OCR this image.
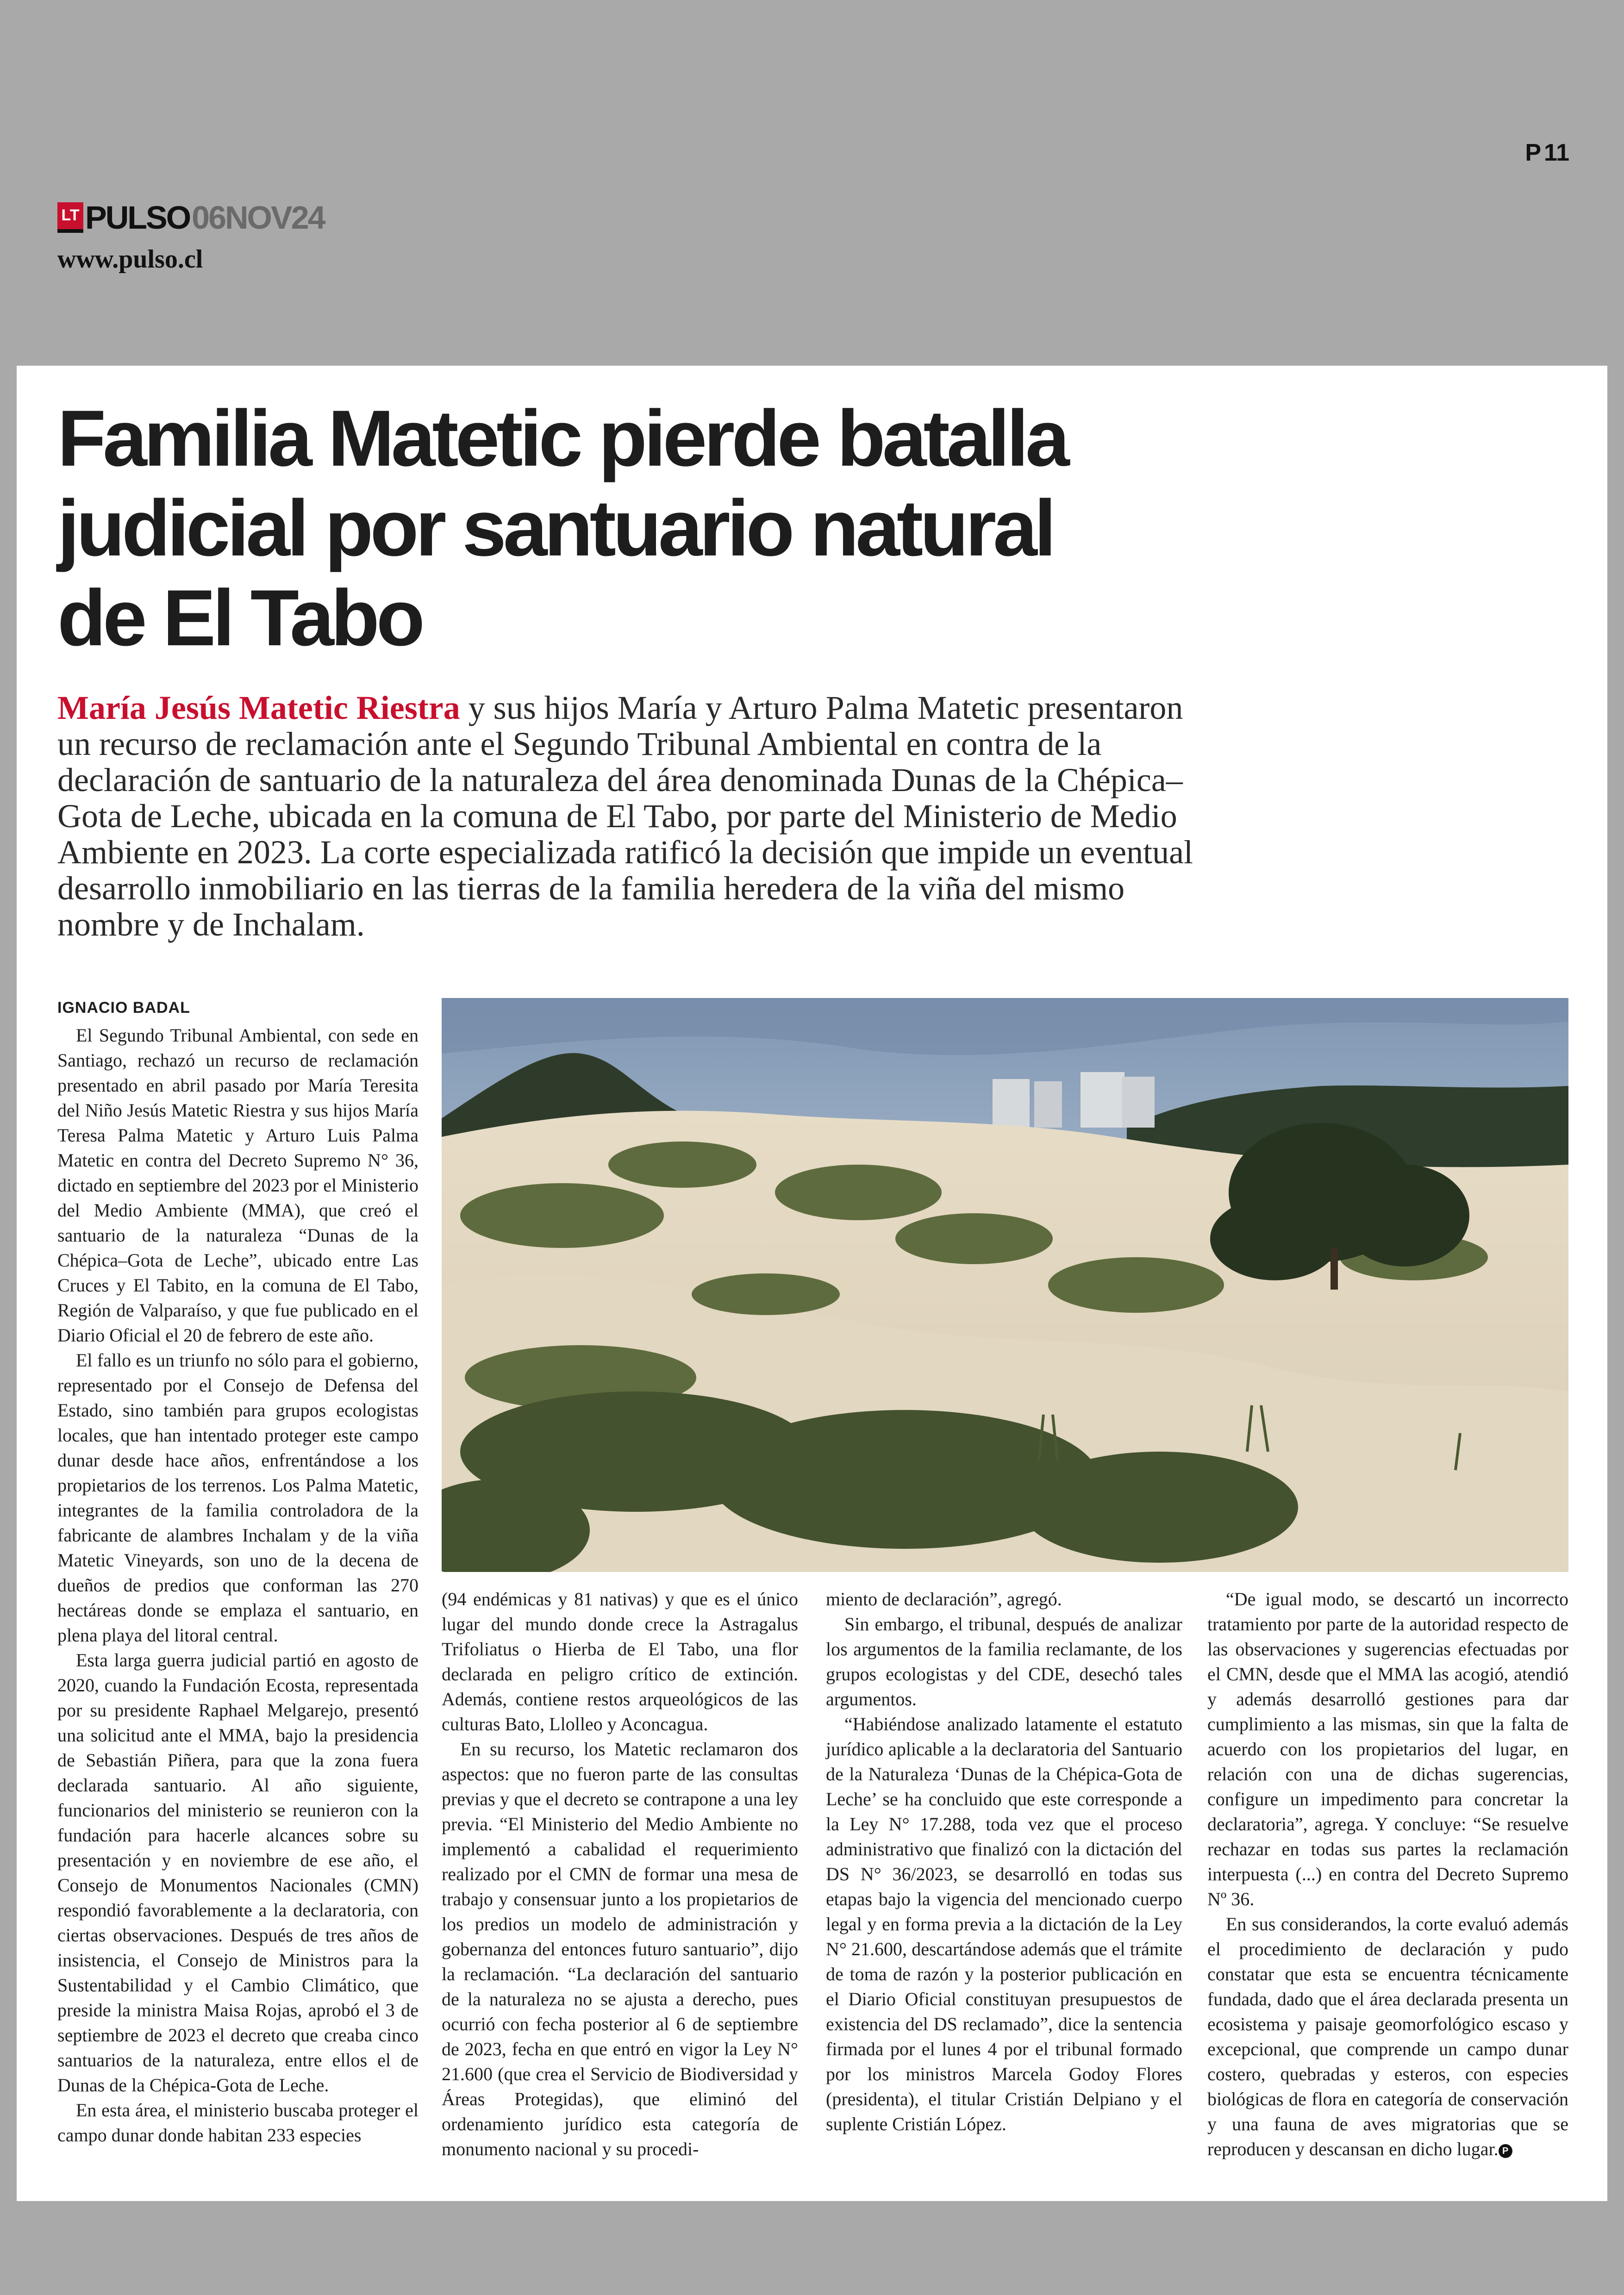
P 11
LT PULSO 06NOV24
www.pulso.cl
Familia Matetic pierde batalla
judicial por santuario natural
de El Tabo

María Jesús Matetic Riestra y sus hijos María y Arturo Palma Matetic presentaron un recurso de reclamación ante el Segundo Tribunal Ambiental en contra de la declaración de santuario de la naturaleza del área denominada Dunas de la Chépica–Gota de Leche, ubicada en la comuna de El Tabo, por parte del Ministerio de Medio Ambiente en 2023. La corte especializada ratificó la decisión que impide un eventual desarrollo inmobiliario en las tierras de la familia heredera de la viña del mismo nombre y de Inchalam.

IGNACIO BADAL

El Segundo Tribunal Ambiental, con sede en Santiago, rechazó un recurso de reclamación presentado en abril pasado por María Teresita del Niño Jesús Matetic Riestra y sus hijos María Teresa Palma Matetic y Arturo Luis Palma Matetic en contra del Decreto Supremo N° 36, dictado en septiembre del 2023 por el Ministerio del Medio Ambiente (MMA), que creó el santuario de la naturaleza “Dunas de la Chépica–Gota de Leche”, ubicado entre Las Cruces y El Tabito, en la comuna de El Tabo, Región de Valparaíso, y que fue publicado en el Diario Oficial el 20 de febrero de este año.

El fallo es un triunfo no sólo para el gobierno, representado por el Consejo de Defensa del Estado, sino también para grupos ecologistas locales, que han intentado proteger este campo dunar desde hace años, enfrentándose a los propietarios de los terrenos. Los Palma Matetic, integrantes de la familia controladora de la fabricante de alambres Inchalam y de la viña Matetic Vineyards, son uno de la decena de dueños de predios que conforman las 270 hectáreas donde se emplaza el santuario, en plena playa del litoral central.

Esta larga guerra judicial partió en agosto de 2020, cuando la Fundación Ecosta, representada por su presidente Raphael Melgarejo, presentó una solicitud ante el MMA, bajo la presidencia de Sebastián Piñera, para que la zona fuera declarada santuario. Al año siguiente, funcionarios del ministerio se reunieron con la fundación para hacerle alcances sobre su presentación y en noviembre de ese año, el Consejo de Monumentos Nacionales (CMN) respondió favorablemente a la declaratoria, con ciertas observaciones. Después de tres años de insistencia, el Consejo de Ministros para la Sustentabilidad y el Cambio Climático, que preside la ministra Maisa Rojas, aprobó el 3 de septiembre de 2023 el decreto que creaba cinco santuarios de la naturaleza, entre ellos el de Dunas de la Chépica-Gota de Leche.

En esta área, el ministerio buscaba proteger el campo dunar donde habitan 233 especies

(94 endémicas y 81 nativas) y que es el único lugar del mundo donde crece la Astragalus Trifoliatus o Hierba de El Tabo, una flor declarada en peligro crítico de extinción. Además, contiene restos arqueológicos de las culturas Bato, Llolleo y Aconcagua.

En su recurso, los Matetic reclamaron dos aspectos: que no fueron parte de las consultas previas y que el decreto se contrapone a una ley previa. “El Ministerio del Medio Ambiente no implementó a cabalidad el requerimiento realizado por el CMN de formar una mesa de trabajo y consensuar junto a los propietarios de los predios un modelo de administración y gobernanza del entonces futuro santuario”, dijo la reclamación. “La declaración del santuario de la naturaleza no se ajusta a derecho, pues ocurrió con fecha posterior al 6 de septiembre de 2023, fecha en que entró en vigor la Ley N° 21.600 (que crea el Servicio de Biodiversidad y Áreas Protegidas), que eliminó del ordenamiento jurídico esta categoría de monumento nacional y su procedi-

miento de declaración”, agregó.

Sin embargo, el tribunal, después de analizar los argumentos de la familia reclamante, de los grupos ecologistas y del CDE, desechó tales argumentos.

“Habiéndose analizado latamente el estatuto jurídico aplicable a la declaratoria del Santuario de la Naturaleza ‘Dunas de la Chépica-Gota de Leche’ se ha concluido que este corresponde a la Ley N° 17.288, toda vez que el proceso administrativo que finalizó con la dictación del DS N° 36/2023, se desarrolló en todas sus etapas bajo la vigencia del mencionado cuerpo legal y en forma previa a la dictación de la Ley N° 21.600, descartándose además que el trámite de toma de razón y la posterior publicación en el Diario Oficial constituyan presupuestos de existencia del DS reclamado”, dice la sentencia firmada por el lunes 4 por el tribunal formado por los ministros Marcela Godoy Flores (presidenta), el titular Cristián Delpiano y el suplente Cristián López.

“De igual modo, se descartó un incorrecto tratamiento por parte de la autoridad respecto de las observaciones y sugerencias efectuadas por el CMN, desde que el MMA las acogió, atendió y además desarrolló gestiones para dar cumplimiento a las mismas, sin que la falta de acuerdo con los propietarios del lugar, en relación con una de dichas sugerencias, configure un impedimento para concretar la declaratoria”, agrega. Y concluye: “Se resuelve rechazar en todas sus partes la reclamación interpuesta (...) en contra del Decreto Supremo Nº 36.

En sus considerandos, la corte evaluó además el procedimiento de declaración y pudo constatar que esta se encuentra técnicamente fundada, dado que el área declarada presenta un ecosistema y paisaje geomorfológico escaso y excepcional, que comprende un campo dunar costero, quebradas y esteros, con especies biológicas de flora en categoría de conservación y una fauna de aves migratorias que se reproducen y descansan en dicho lugar. P
